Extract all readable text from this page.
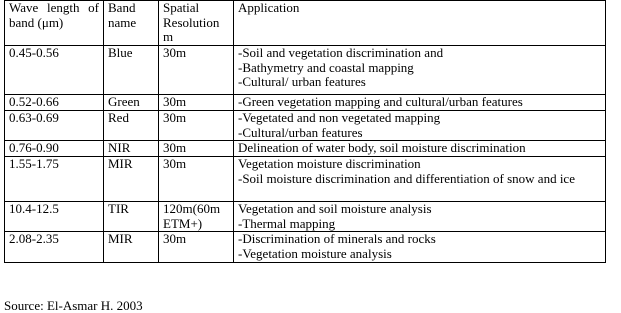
Wave length of band (μm)	Band name	Spatial Resolution m	Application
0.45-0.56	Blue	30m	-Soil and vegetation discrimination and
-Bathymetry and coastal mapping
-Cultural/ urban features

0.52-0.66	Green	30m	-Green vegetation mapping and cultural/urban features

0.63-0.69	Red	30m	-Vegetated and non vegetated mapping
-Cultural/urban features

0.76-0.90	NIR	30m	Delineation of water body, soil moisture discrimination

1.55-1.75	MIR	30m	Vegetation moisture discrimination
-Soil moisture discrimination and differentiation of snow and ice

10.4-12.5	TIR	120m(60m ETM+)	Vegetation and soil moisture analysis
-Thermal mapping

2.08-2.35	MIR	30m	-Discrimination of minerals and rocks
-Vegetation moisture analysis
Source: El-Asmar H. 2003
